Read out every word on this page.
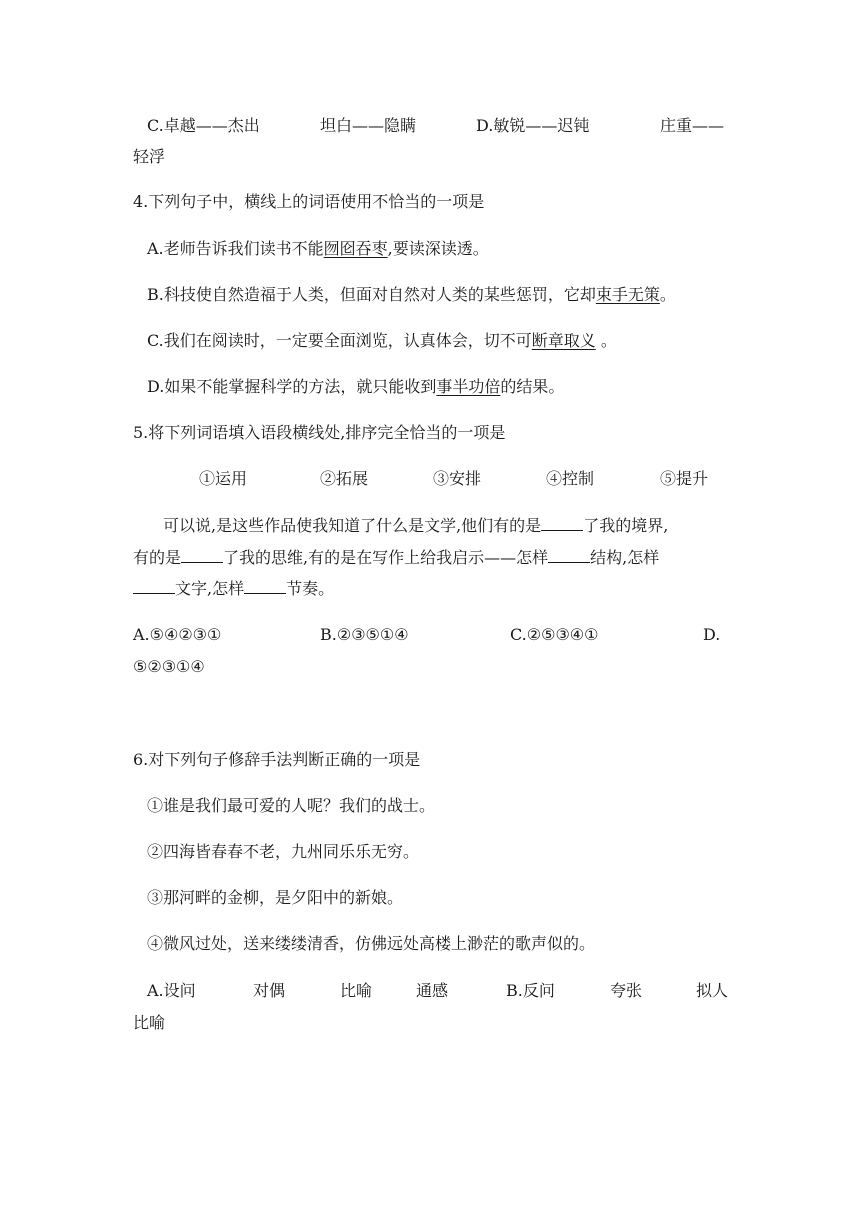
C.卓越——杰出	坦白——隐瞒	D.敏锐——迟钝	庄重——
轻浮
4.下列句子中，横线上的词语使用不恰当的一项是
A.老师告诉我们读书不能囫囵吞枣,要读深读透。
B.科技使自然造福于人类，但面对自然对人类的某些惩罚，它却束手无策。
C.我们在阅读时，一定要全面浏览，认真体会，切不可断章取义 。
D.如果不能掌握科学的方法，就只能收到事半功倍的结果。
5.将下列词语填入语段横线处,排序完全恰当的一项是
①运用	②拓展	③安排	④控制	⑤提升
可以说,是这些作品使我知道了什么是文学,他们有的是	了我的境界,
有的是	了我的思维,有的是在写作上给我启示——怎样	结构,怎样
文字,怎样	节奏。
A.⑤④②③①	B.②③⑤①④	C.②⑤③④①	D.
⑤②③①④
6.对下列句子修辞手法判断正确的一项是
①谁是我们最可爱的人呢？我们的战士。
②四海皆春春不老，九州同乐乐无穷。
③那河畔的金柳，是夕阳中的新娘。
④微风过处，送来缕缕清香，仿佛远处高楼上渺茫的歌声似的。
A.设问	对偶	比喻	通感	B.反问	夸张	拟人
比喻
